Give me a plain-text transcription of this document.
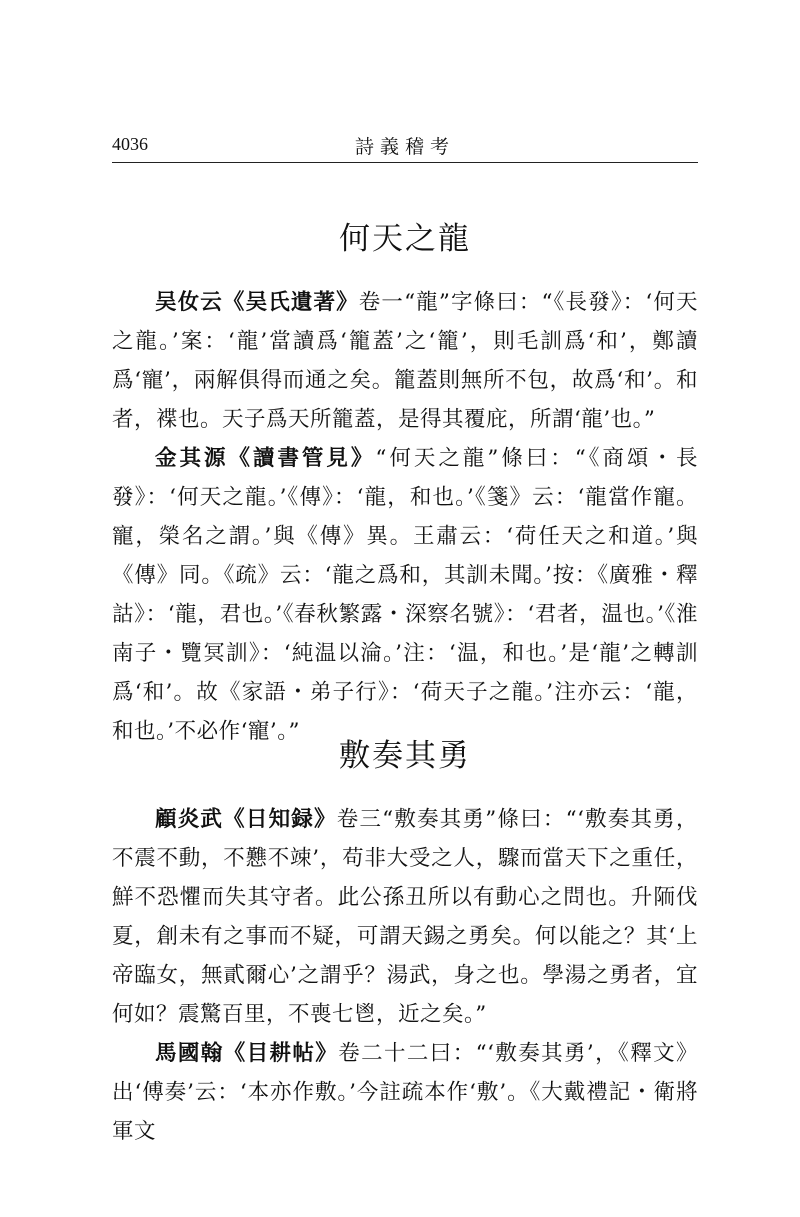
4036	詩義稽考
何天之龍

吴㚢云《吴氏遺著》卷一“龍”字條曰：“《長發》：‘何天之龍。’案：‘龍’當讀爲‘籠蓋’之‘籠’，則毛訓爲‘和’，鄭讀爲‘寵’，兩解俱得而通之矣。籠蓋則無所不包，故爲‘和’。和者，褋也。天子爲天所籠蓋，是得其覆庇，所謂‘龍’也。”

金其源《讀書管見》“何天之龍”條曰：“《商頌・長發》：‘何天之龍。’《傳》：‘龍，和也。’《箋》云：‘龍當作寵。寵，榮名之謂。’與《傳》異。王肅云：‘荷任天之和道。’與《傳》同。《疏》云：‘龍之爲和，其訓未聞。’按：《廣雅・釋詁》：‘龍，君也。’《春秋繁露・深察名號》：‘君者，温也。’《淮南子・覽冥訓》：‘純温以淪。’注：‘温，和也。’是‘龍’之轉訓爲‘和’。故《家語・弟子行》：‘荷天子之龍。’注亦云：‘龍，和也。’不必作‘寵’。”

敷奏其勇

顧炎武《日知録》卷三“敷奏其勇”條曰：“‘敷奏其勇，不震不動，不戁不竦’，苟非大受之人，驟而當天下之重任，鮮不恐懼而失其守者。此公孫丑所以有動心之問也。升陑伐夏，創未有之事而不疑，可謂天錫之勇矣。何以能之？其‘上帝臨女，無貳爾心’之謂乎？湯武，身之也。學湯之勇者，宜何如？震驚百里，不喪七鬯，近之矣。”

馬國翰《目耕帖》卷二十二曰：“‘敷奏其勇’，《釋文》出‘傅奏’云：‘本亦作敷。’今註疏本作‘敷’。《大戴禮記・衛將軍文
